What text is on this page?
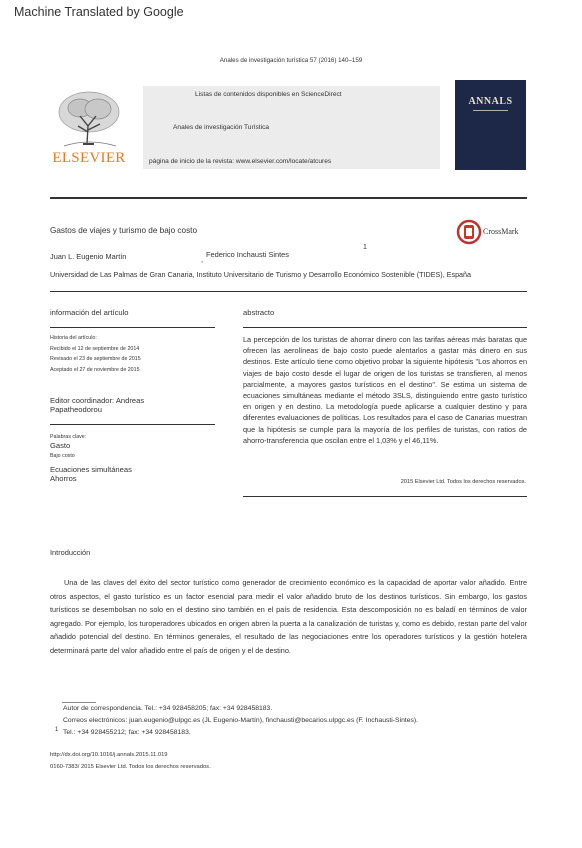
Machine Translated by Google
Anales de investigación turística 57 (2016) 140–159
ELSEVIER
Listas de contenidos disponibles en ScienceDirect
Anales de investigación Turística
página de inicio de la revista: www.elsevier.com/locate/atcures
ANNALS
Gastos de viajes y turismo de bajo costo	CrossMark
Juan L. Eugenio Martín	,
Federico Inchausti Sintes
1
Universidad de Las Palmas de Gran Canaria, Instituto Universitario de Turismo y Desarrollo Económico Sostenible (TIDES), España
información del artículo
Historia del artículo:
Recibido el 12 de septiembre de 2014
Revisado el 23 de septiembre de 2015
Aceptado el 27 de noviembre de 2015
Editor coordinador: Andreas
Papatheodorou
Palabras clave:
Gasto
Bajo costo
Ecuaciones simultáneas
Ahorros
abstracto
La percepción de los turistas de ahorrar dinero con las tarifas aéreas más baratas que ofrecen las aerolíneas de bajo costo puede alentarlos a gastar más dinero en sus destinos. Este artículo tiene como objetivo probar la siguiente hipótesis "Los ahorros en viajes de bajo costo desde el lugar de origen de los turistas se transfieren, al menos parcialmente, a mayores gastos turísticos en el destino". Se estima un sistema de ecuaciones simultáneas mediante el método 3SLS, distinguiendo entre gasto turístico en origen y en destino. La metodología puede aplicarse a cualquier destino y para diferentes evaluaciones de políticas. Los resultados para el caso de Canarias muestran que la hipótesis se cumple para la mayoría de los perfiles de turistas, con ratios de ahorro-transferencia que oscilan entre el 1,03% y el 46,11%.
2015 Elsevier Ltd. Todos los derechos reservados.
Introducción
Una de las claves del éxito del sector turístico como generador de crecimiento económico es la capacidad de aportar valor añadido. Entre otros aspectos, el gasto turístico es un factor esencial para medir el valor añadido bruto de los destinos turísticos. Sin embargo, los gastos turísticos se desembolsan no solo en el destino sino también en el país de residencia. Esta descomposición no es baladí en términos de valor agregado. Por ejemplo, los turoperadores ubicados en origen abren la puerta a la canalización de turistas y, como es debido, restan parte del valor añadido potencial del destino. En términos generales, el resultado de las negociaciones entre los operadores turísticos y la gestión hotelera determinará parte del valor añadido entre el país de origen y el de destino.
Autor de correspondencia. Tel.: +34 928458205; fax: +34 928458183.
Correos electrónicos: juan.eugenio@ulpgc.es (JL Eugenio-Martín), finchausti@becarios.ulpgc.es (F. Inchausti-Sintes).
1 Tel.: +34 928455212; fax: +34 928458183.
http://dx.doi.org/10.1016/j.annals.2015.11.019
0160-7383/ 2015 Elsevier Ltd. Todos los derechos reservados.
